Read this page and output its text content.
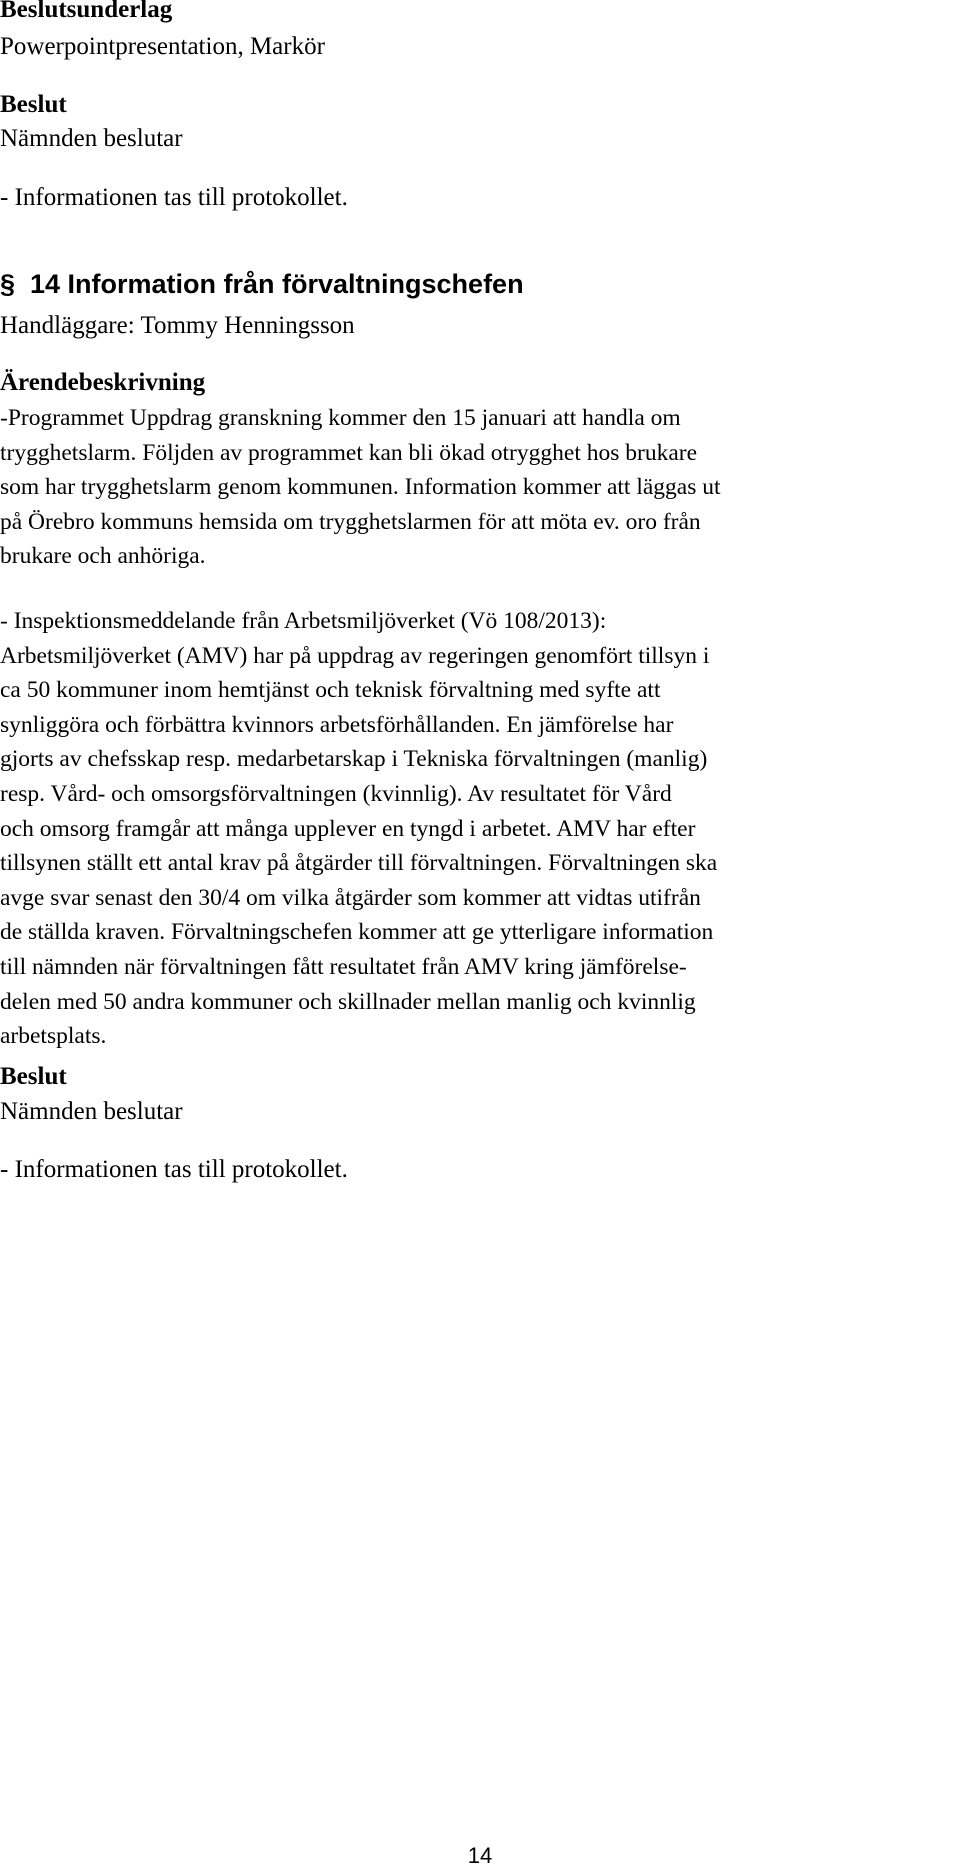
Beslutsunderlag
Powerpointpresentation, Markör
Beslut
Nämnden beslutar
- Informationen tas till protokollet.
§ 14 Information från förvaltningschefen
Handläggare: Tommy Henningsson
Ärendebeskrivning
-Programmet Uppdrag granskning kommer den 15 januari att handla om
trygghetslarm. Följden av programmet kan bli ökad otrygghet hos brukare
som har trygghetslarm genom kommunen. Information kommer att läggas ut
på Örebro kommuns hemsida om trygghetslarmen för att möta ev. oro från
brukare och anhöriga.
- Inspektionsmeddelande från Arbetsmiljöverket (Vö 108/2013):
Arbetsmiljöverket (AMV) har på uppdrag av regeringen genomfört tillsyn i
ca 50 kommuner inom hemtjänst och teknisk förvaltning med syfte att
synliggöra och förbättra kvinnors arbetsförhållanden. En jämförelse har
gjorts av chefsskap resp. medarbetarskap i Tekniska förvaltningen (manlig)
resp. Vård- och omsorgsförvaltningen (kvinnlig). Av resultatet för Vård
och omsorg framgår att många upplever en tyngd i arbetet. AMV har efter
tillsynen ställt ett antal krav på åtgärder till förvaltningen. Förvaltningen ska
avge svar senast den 30/4 om vilka åtgärder som kommer att vidtas utifrån
de ställda kraven. Förvaltningschefen kommer att ge ytterligare information
till nämnden när förvaltningen fått resultatet från AMV kring jämförelse-
delen med 50 andra kommuner och skillnader mellan manlig och kvinnlig
arbetsplats.
Beslut
Nämnden beslutar
- Informationen tas till protokollet.
14
